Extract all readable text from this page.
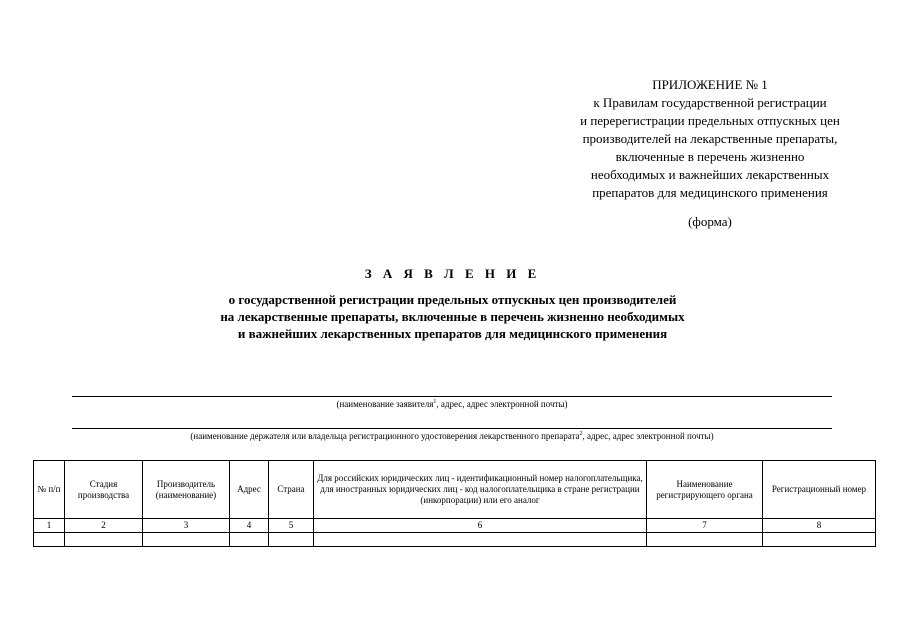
ПРИЛОЖЕНИЕ № 1
к Правилам государственной регистрации
и перерегистрации предельных отпускных цен
производителей на лекарственные препараты,
включенные в перечень жизненно
необходимых и важнейших лекарственных
препаратов для медицинского применения
(форма)
З А Я В Л Е Н И Е
о государственной регистрации предельных отпускных цен производителей
на лекарственные препараты, включенные в перечень жизненно необходимых
и важнейших лекарственных препаратов для медицинского применения
(наименование заявителя$^1$, адрес, адрес электронной почты)
(наименование держателя или владельца регистрационного удостоверения лекарственного препарата$^2$, адрес, адрес электронной почты)
№ п/п	Стадия производства	Производитель (наименование)	Адрес	Страна	Для российских юридических лиц - идентификационный номер налогоплательщика, для иностранных юридических лиц - код налогоплательщика в стране регистрации (инкорпорации) или его аналог	Наименование регистрирующего органа	Регистрационный номер
1	2	3	4	5	6	7	8
